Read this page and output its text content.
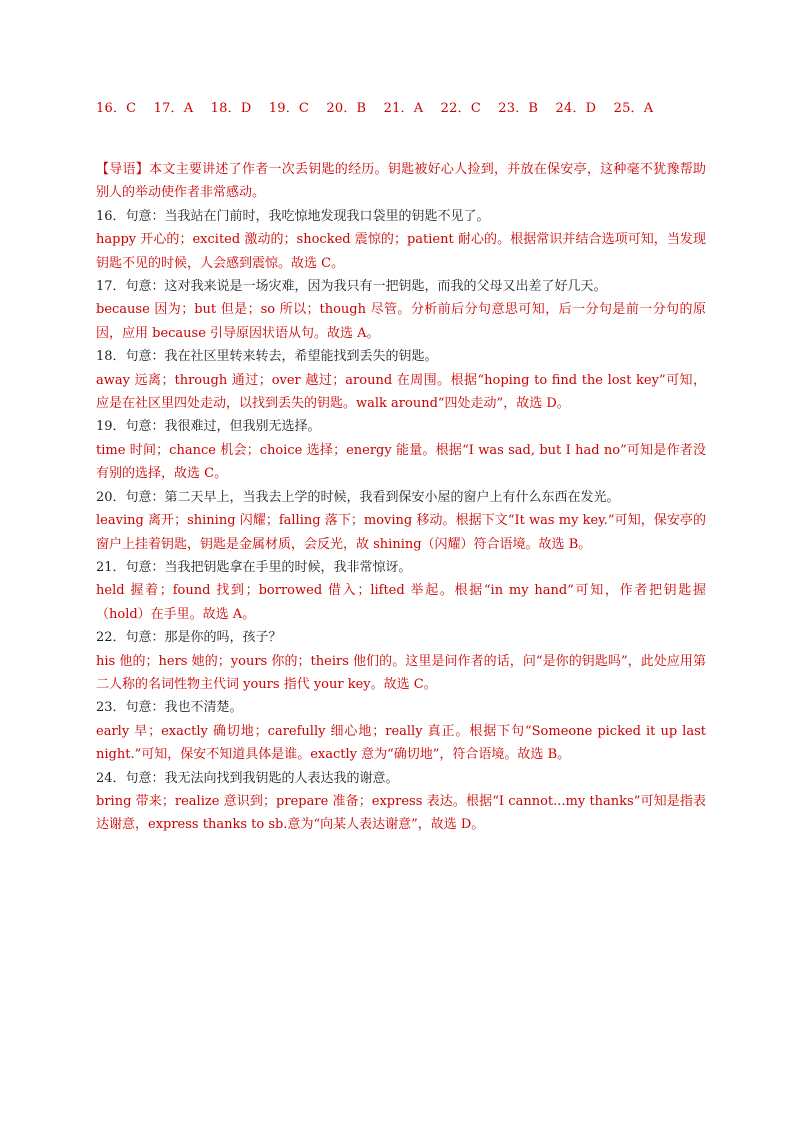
16．C    17．A    18．D    19．C    20．B    21．A    22．C    23．B    24．D    25．A

【导语】本文主要讲述了作者一次丢钥匙的经历。钥匙被好心人捡到，并放在保安亭，这种毫不犹豫帮助别人的举动使作者非常感动。

16．句意：当我站在门前时，我吃惊地发现我口袋里的钥匙不见了。

happy 开心的；excited 激动的；shocked 震惊的；patient 耐心的。根据常识并结合选项可知，当发现钥匙不见的时候，人会感到震惊。故选 C。

17．句意：这对我来说是一场灾难，因为我只有一把钥匙，而我的父母又出差了好几天。

because 因为；but 但是；so 所以；though 尽管。分析前后分句意思可知，后一分句是前一分句的原因，应用 because 引导原因状语从句。故选 A。

18．句意：我在社区里转来转去，希望能找到丢失的钥匙。

away 远离；through 通过；over 越过；around 在周围。根据“hoping to find the lost key”可知，应是在社区里四处走动，以找到丢失的钥匙。walk around“四处走动”，故选 D。

19．句意：我很难过，但我别无选择。

time 时间；chance 机会；choice 选择；energy 能量。根据“I was sad, but I had no”可知是作者没有别的选择，故选 C。

20．句意：第二天早上，当我去上学的时候，我看到保安小屋的窗户上有什么东西在发光。

leaving 离开；shining 闪耀；falling 落下；moving 移动。根据下文“It was my key.”可知，保安亭的窗户上挂着钥匙，钥匙是金属材质，会反光，故 shining（闪耀）符合语境。故选 B。

21．句意：当我把钥匙拿在手里的时候，我非常惊讶。

held 握着；found 找到；borrowed 借入；lifted 举起。根据“in my hand”可知，作者把钥匙握（hold）在手里。故选 A。

22．句意：那是你的吗，孩子？

his 他的；hers 她的；yours 你的；theirs 他们的。这里是问作者的话，问“是你的钥匙吗”，此处应用第二人称的名词性物主代词 yours 指代 your key。故选 C。

23．句意：我也不清楚。

early 早；exactly 确切地；carefully 细心地；really 真正。根据下句“Someone picked it up last night.”可知，保安不知道具体是谁。exactly 意为“确切地”，符合语境。故选 B。

24．句意：我无法向找到我钥匙的人表达我的谢意。

bring 带来；realize 意识到；prepare 准备；express 表达。根据“I cannot...my thanks”可知是指表达谢意，express thanks to sb.意为“向某人表达谢意”，故选 D。
